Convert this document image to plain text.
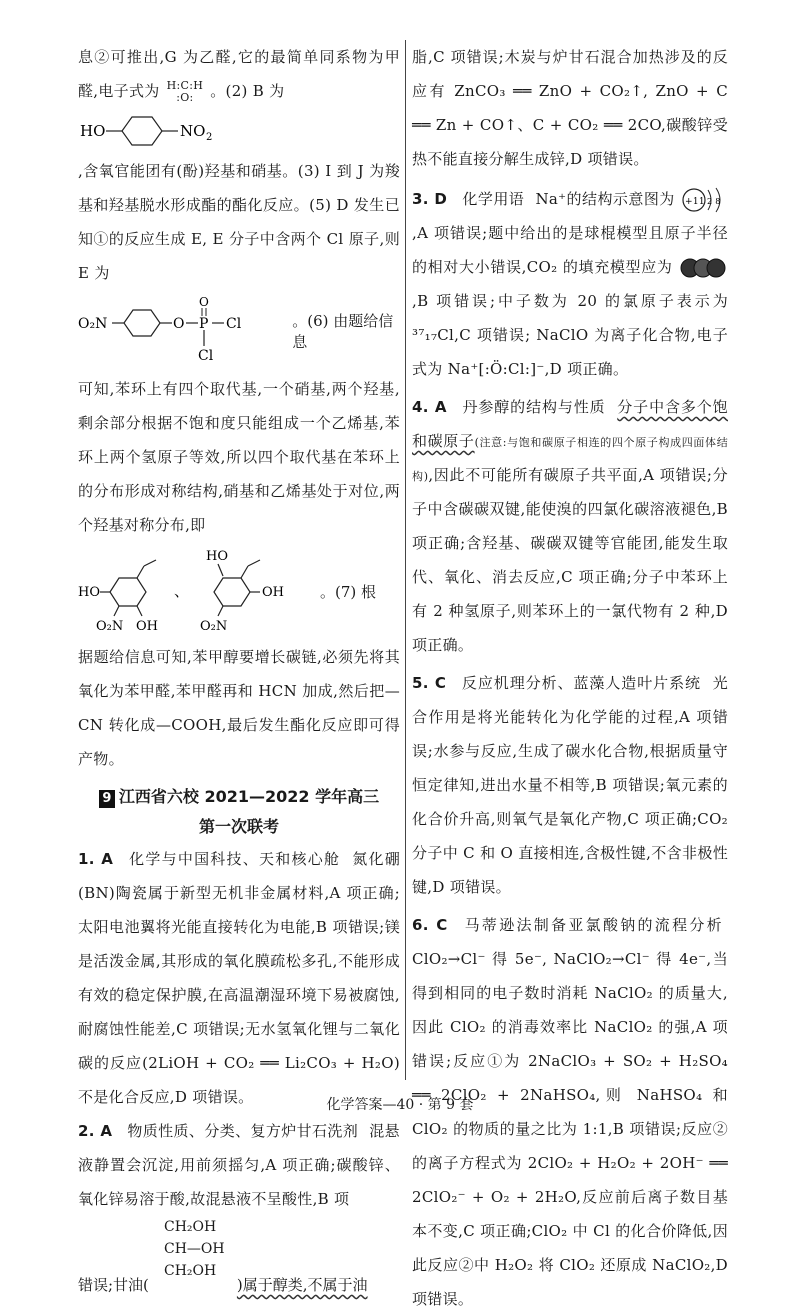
息②可推出,G 为乙醛,它的最简单同系物为甲醛,电子式为 H:C:H
:O: 。(2) B 为

HO	NO 2

,含氧官能团有(酚)羟基和硝基。(3) I 到 J 为羧基和羟基脱水形成酯的酯化反应。(5) D 发生已知①的反应生成 E, E 分子中含两个 Cl 原子,则 E 为

O₂N	O P
O
Cl
Cl
。(6) 由题给信息

可知,苯环上有四个取代基,一个硝基,两个羟基,剩余部分根据不饱和度只能组成一个乙烯基,苯环上两个氢原子等效,所以四个取代基在苯环上的分布形成对称结构,硝基和乙烯基处于对位,两个羟基对称分布,即

HO
O₂N OH
、
HO
OH
O₂N
。(7) 根

据题给信息可知,苯甲醇要增长碳链,必须先将其氧化为苯甲醛,苯甲醛再和 HCN 加成,然后把—CN 转化成—COOH,最后发生酯化反应即可得产物。

9 江西省六校 2021—2022 学年高三
第一次联考

1. A 化学与中国科技、天和核心舱 氮化硼(BN)陶瓷属于新型无机非金属材料,A 项正确;太阳电池翼将光能直接转化为电能,B 项错误;镁是活泼金属,其形成的氧化膜疏松多孔,不能形成有效的稳定保护膜,在高温潮湿环境下易被腐蚀,耐腐蚀性能差,C 项错误;无水氢氧化锂与二氧化碳的反应(2LiOH + CO₂ ══ Li₂CO₃ + H₂O) 不是化合反应,D 项错误。

2. A 物质性质、分类、复方炉甘石洗剂 混悬液静置会沉淀,用前须摇匀,A 项正确;碳酸锌、氧化锌易溶于酸,故混悬液不呈酸性,B 项

CH₂OH
CH—OH
CH₂OH
错误;甘油(	)属于醇类,不属于油

脂,C 项错误;木炭与炉甘石混合加热涉及的反应有 ZnCO₃ ══ ZnO + CO₂↑, ZnO + C ══ Zn + CO↑、C + CO₂ ══ 2CO,碳酸锌受热不能直接分解生成锌,D 项错误。

3. D 化学用语 Na⁺的结构示意图为 +11 2 8
,A 项错误;题中给出的是球棍模型且原子半径的相对大小错误,CO₂ 的填充模型应为  ,B 项错误;中子数为 20 的氯原子表示为 ³⁷₁₇Cl,C 项错误; NaClO 为离子化合物,电子式为 Na⁺[:Ö:Cl:]⁻,D 项正确。

4. A 丹参醇的结构与性质 分子中含多个饱和碳原子(注意:与饱和碳原子相连的四个原子构成四面体结构),因此不可能所有碳原子共平面,A 项错误;分子中含碳碳双键,能使溴的四氯化碳溶液褪色,B 项正确;含羟基、碳碳双键等官能团,能发生取代、氧化、消去反应,C 项正确;分子中苯环上有 2 种氢原子,则苯环上的一氯代物有 2 种,D 项正确。

5. C 反应机理分析、蓝藻人造叶片系统 光合作用是将光能转化为化学能的过程,A 项错误;水参与反应,生成了碳水化合物,根据质量守恒定律知,进出水量不相等,B 项错误;氧元素的化合价升高,则氧气是氧化产物,C 项正确;CO₂ 分子中 C 和 O 直接相连,含极性键,不含非极性键,D 项错误。

6. C 马蒂逊法制备亚氯酸钠的流程分析 ClO₂→Cl⁻ 得 5e⁻, NaClO₂→Cl⁻ 得 4e⁻,当得到相同的电子数时消耗 NaClO₂ 的质量大,因此 ClO₂ 的消毒效率比 NaClO₂ 的强,A 项错误;反应①为 2NaClO₃ + SO₂ + H₂SO₄ ══ 2ClO₂ + 2NaHSO₄,则 NaHSO₄ 和 ClO₂ 的物质的量之比为 1:1,B 项错误;反应②的离子方程式为 2ClO₂ + H₂O₂ + 2OH⁻ ══ 2ClO₂⁻ + O₂ + 2H₂O,反应前后离子数目基本不变,C 项正确;ClO₂ 中 Cl 的化合价降低,因此反应②中 H₂O₂ 将 ClO₂ 还原成 NaClO₂,D 项错误。

化学答案—40 · 第 9 套
